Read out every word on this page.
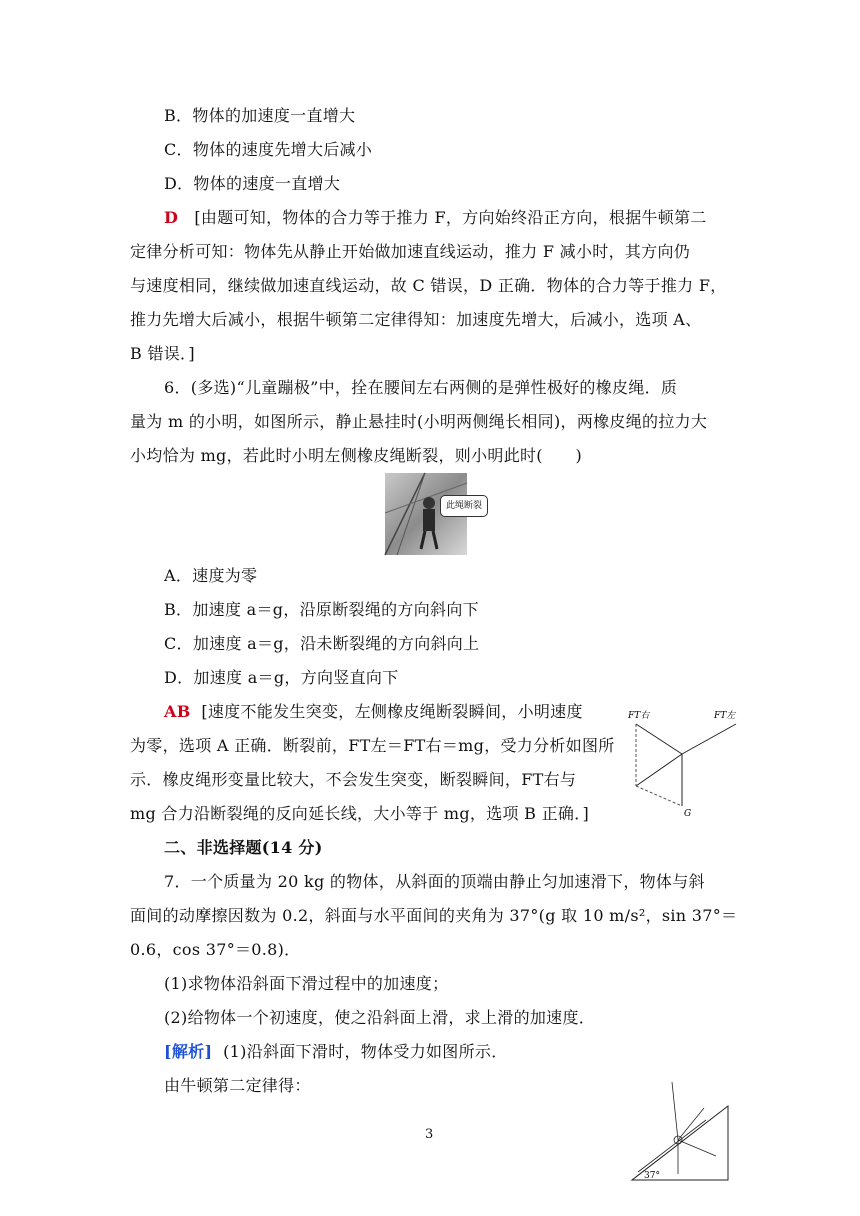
B．物体的加速度一直增大
C．物体的速度先增大后减小
D．物体的速度一直增大
D [由题可知，物体的合力等于推力 F，方向始终沿正方向，根据牛顿第二
定律分析可知：物体先从静止开始做加速直线运动，推力 F 减小时，其方向仍
与速度相同，继续做加速直线运动，故 C 错误，D 正确．物体的合力等于推力 F，
推力先增大后减小，根据牛顿第二定律得知：加速度先增大，后减小，选项 A、
B 错误．]
6．(多选)“儿童蹦极”中，拴在腰间左右两侧的是弹性极好的橡皮绳．质
量为 m 的小明，如图所示，静止悬挂时(小明两侧绳长相同)，两橡皮绳的拉力大
小均恰为 mg，若此时小明左侧橡皮绳断裂，则小明此时(　　)
此绳断裂
A．速度为零
B．加速度 a＝g，沿原断裂绳的方向斜向下
C．加速度 a＝g，沿未断裂绳的方向斜向上
D．加速度 a＝g，方向竖直向下
AB [速度不能发生突变，左侧橡皮绳断裂瞬间，小明速度
为零，选项 A 正确．断裂前，FT左＝FT右＝mg，受力分析如图所
示．橡皮绳形变量比较大，不会发生突变，断裂瞬间，FT右与
mg 合力沿断裂绳的反向延长线，大小等于 mg，选项 B 正确．]
FT右	FT左
G
二、非选择题(14 分)
7．一个质量为 20 kg 的物体，从斜面的顶端由静止匀加速滑下，物体与斜
面间的动摩擦因数为 0.2，斜面与水平面间的夹角为 37°(g 取 10 m/s²，sin 37°＝
0.6，cos 37°＝0.8)．
(1)求物体沿斜面下滑过程中的加速度；
(2)给物体一个初速度，使之沿斜面上滑，求上滑的加速度．
[解析] (1)沿斜面下滑时，物体受力如图所示．
由牛顿第二定律得：
37°
3
